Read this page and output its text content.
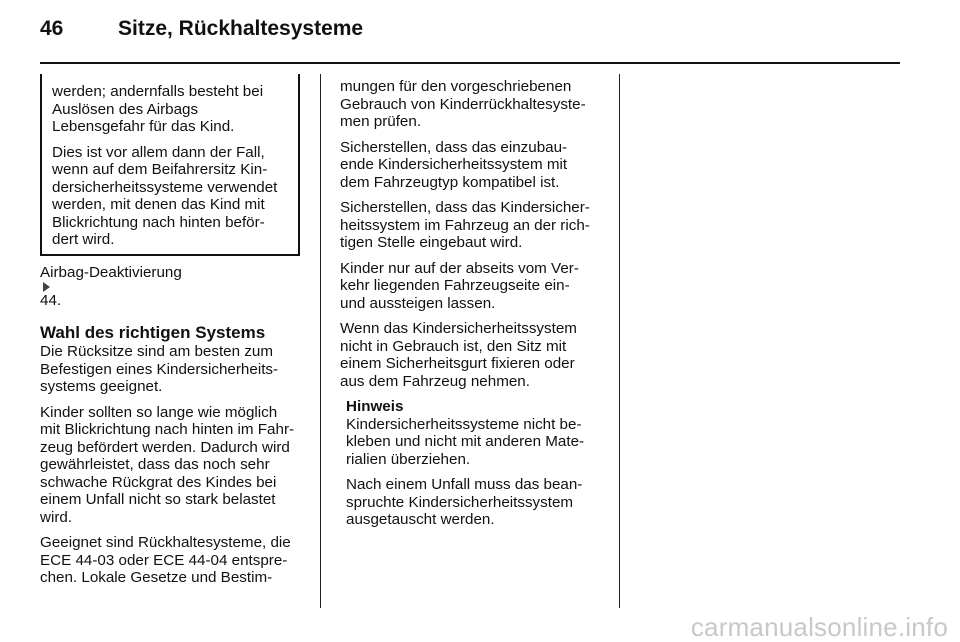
46	Sitze, Rückhaltesysteme

werden; andernfalls besteht bei
Auslösen des Airbags
Lebensgefahr für das Kind.

Dies ist vor allem dann der Fall,
wenn auf dem Beifahrersitz Kin-
dersicherheitssysteme verwendet
werden, mit denen das Kind mit
Blickrichtung nach hinten beför-
dert wird.

Airbag-Deaktivierung
44.

Wahl des richtigen Systems

Die Rücksitze sind am besten zum
Befestigen eines Kindersicherheits-
systems geeignet.

Kinder sollten so lange wie möglich
mit Blickrichtung nach hinten im Fahr-
zeug befördert werden. Dadurch wird
gewährleistet, dass das noch sehr
schwache Rückgrat des Kindes bei
einem Unfall nicht so stark belastet
wird.

Geeignet sind Rückhaltesysteme, die
ECE 44-03 oder ECE 44-04 entspre-
chen. Lokale Gesetze und Bestim-

mungen für den vorgeschriebenen
Gebrauch von Kinderrückhaltesyste-
men prüfen.

Sicherstellen, dass das einzubau-
ende Kindersicherheitssystem mit
dem Fahrzeugtyp kompatibel ist.

Sicherstellen, dass das Kindersicher-
heitssystem im Fahrzeug an der rich-
tigen Stelle eingebaut wird.

Kinder nur auf der abseits vom Ver-
kehr liegenden Fahrzeugseite ein-
und aussteigen lassen.

Wenn das Kindersicherheitssystem
nicht in Gebrauch ist, den Sitz mit
einem Sicherheitsgurt fixieren oder
aus dem Fahrzeug nehmen.

Hinweis

Kindersicherheitssysteme nicht be-
kleben und nicht mit anderen Mate-
rialien überziehen.

Nach einem Unfall muss das bean-
spruchte Kindersicherheitssystem
ausgetauscht werden.

carmanualsonline.info
